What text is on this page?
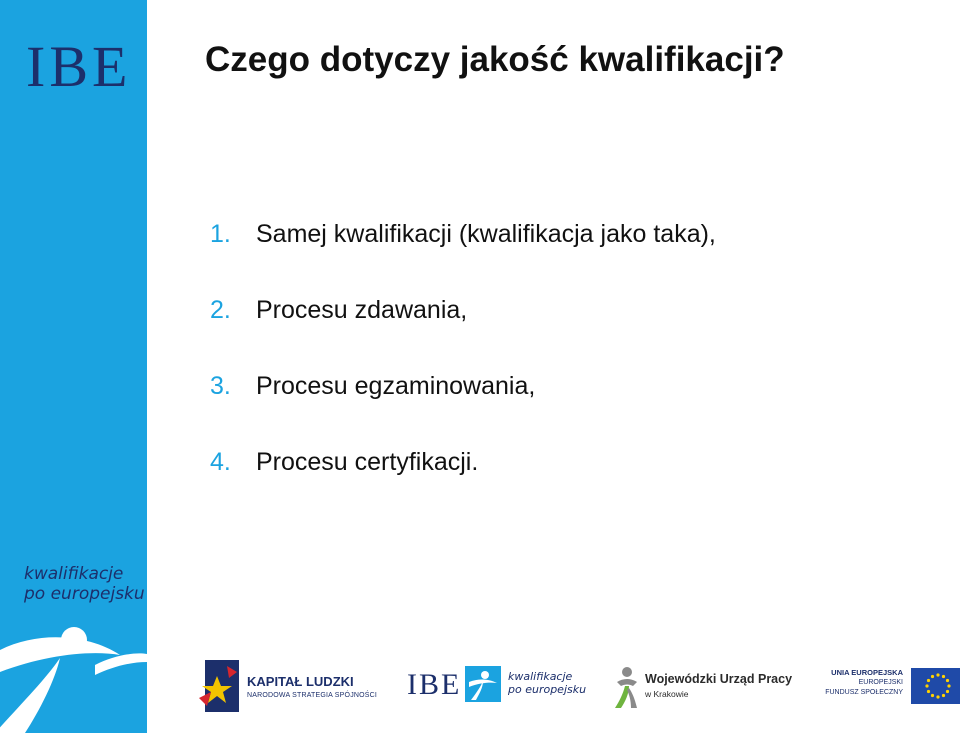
IBE
kwalifikacje
po europejsku
Czego dotyczy jakość kwalifikacji?
1.	Samej kwalifikacji (kwalifikacja jako taka),
2.	Procesu zdawania,
3.	Procesu egzaminowania,
4.	Procesu certyfikacji.
KAPITAŁ LUDZKI
NARODOWA STRATEGIA SPÓJNOŚCI IBE	kwalifikacje
po europejsku
Wojewódzki Urząd Pracy
w Krakowie
UNIA EUROPEJSKA
EUROPEJSKI
FUNDUSZ SPOŁECZNY
